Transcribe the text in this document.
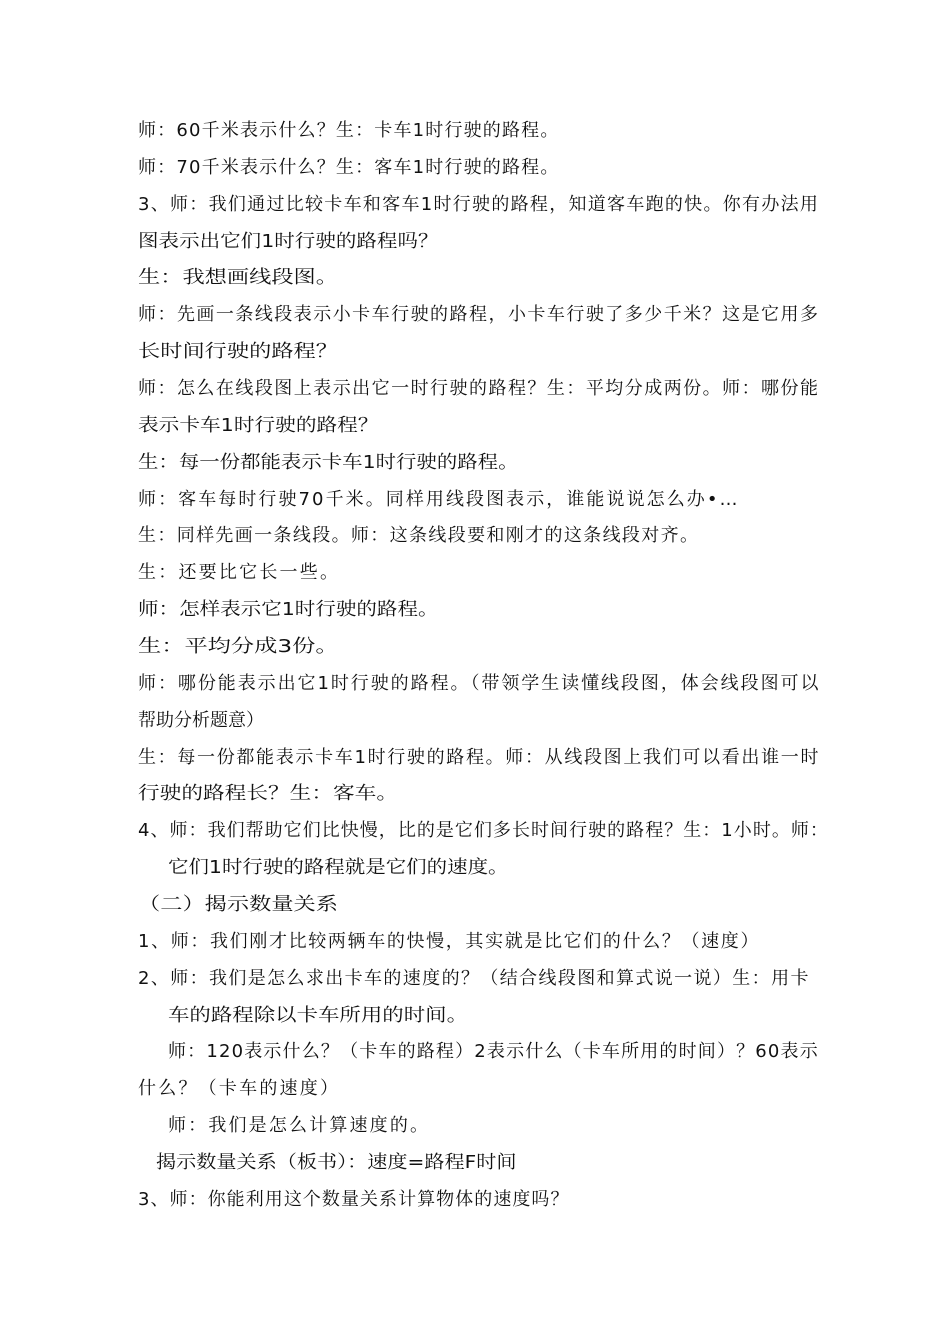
师：60千米表示什么？生：卡车1时行驶的路程。
师：70千米表示什么？生：客车1时行驶的路程。
3、师：我们通过比较卡车和客车1时行驶的路程，知道客车跑的快。你有办法用
图表示出它们1时行驶的路程吗？
生：我想画线段图。
师：先画一条线段表示小卡车行驶的路程，小卡车行驶了多少千米？这是它用多
长时间行驶的路程？
师：怎么在线段图上表示出它一时行驶的路程？生：平均分成两份。师：哪份能
表示卡车1时行驶的路程？
生：每一份都能表示卡车1时行驶的路程。
师：客车每时行驶70千米。同样用线段图表示，谁能说说怎么办•…
生：同样先画一条线段。师：这条线段要和刚才的这条线段对齐。
生：还要比它长一些。
师：怎样表示它1时行驶的路程。
生：平均分成3份。
师：哪份能表示出它1时行驶的路程。（带领学生读懂线段图，体会线段图可以
帮助分析题意）
生：每一份都能表示卡车1时行驶的路程。师：从线段图上我们可以看出谁一时
行驶的路程长？生：客车。
4、师：我们帮助它们比快慢，比的是它们多长时间行驶的路程？生：1小时。师：
它们1时行驶的路程就是它们的速度。
（二）揭示数量关系
1、师：我们刚才比较两辆车的快慢，其实就是比它们的什么？（速度）
2、师：我们是怎么求出卡车的速度的？（结合线段图和算式说一说）生：用卡
车的路程除以卡车所用的时间。
师：120表示什么？（卡车的路程）2表示什么（卡车所用的时间）？60表示
什么？（卡车的速度）
师：我们是怎么计算速度的。
揭示数量关系（板书）：速度=路程F时间
3、师：你能利用这个数量关系计算物体的速度吗？
